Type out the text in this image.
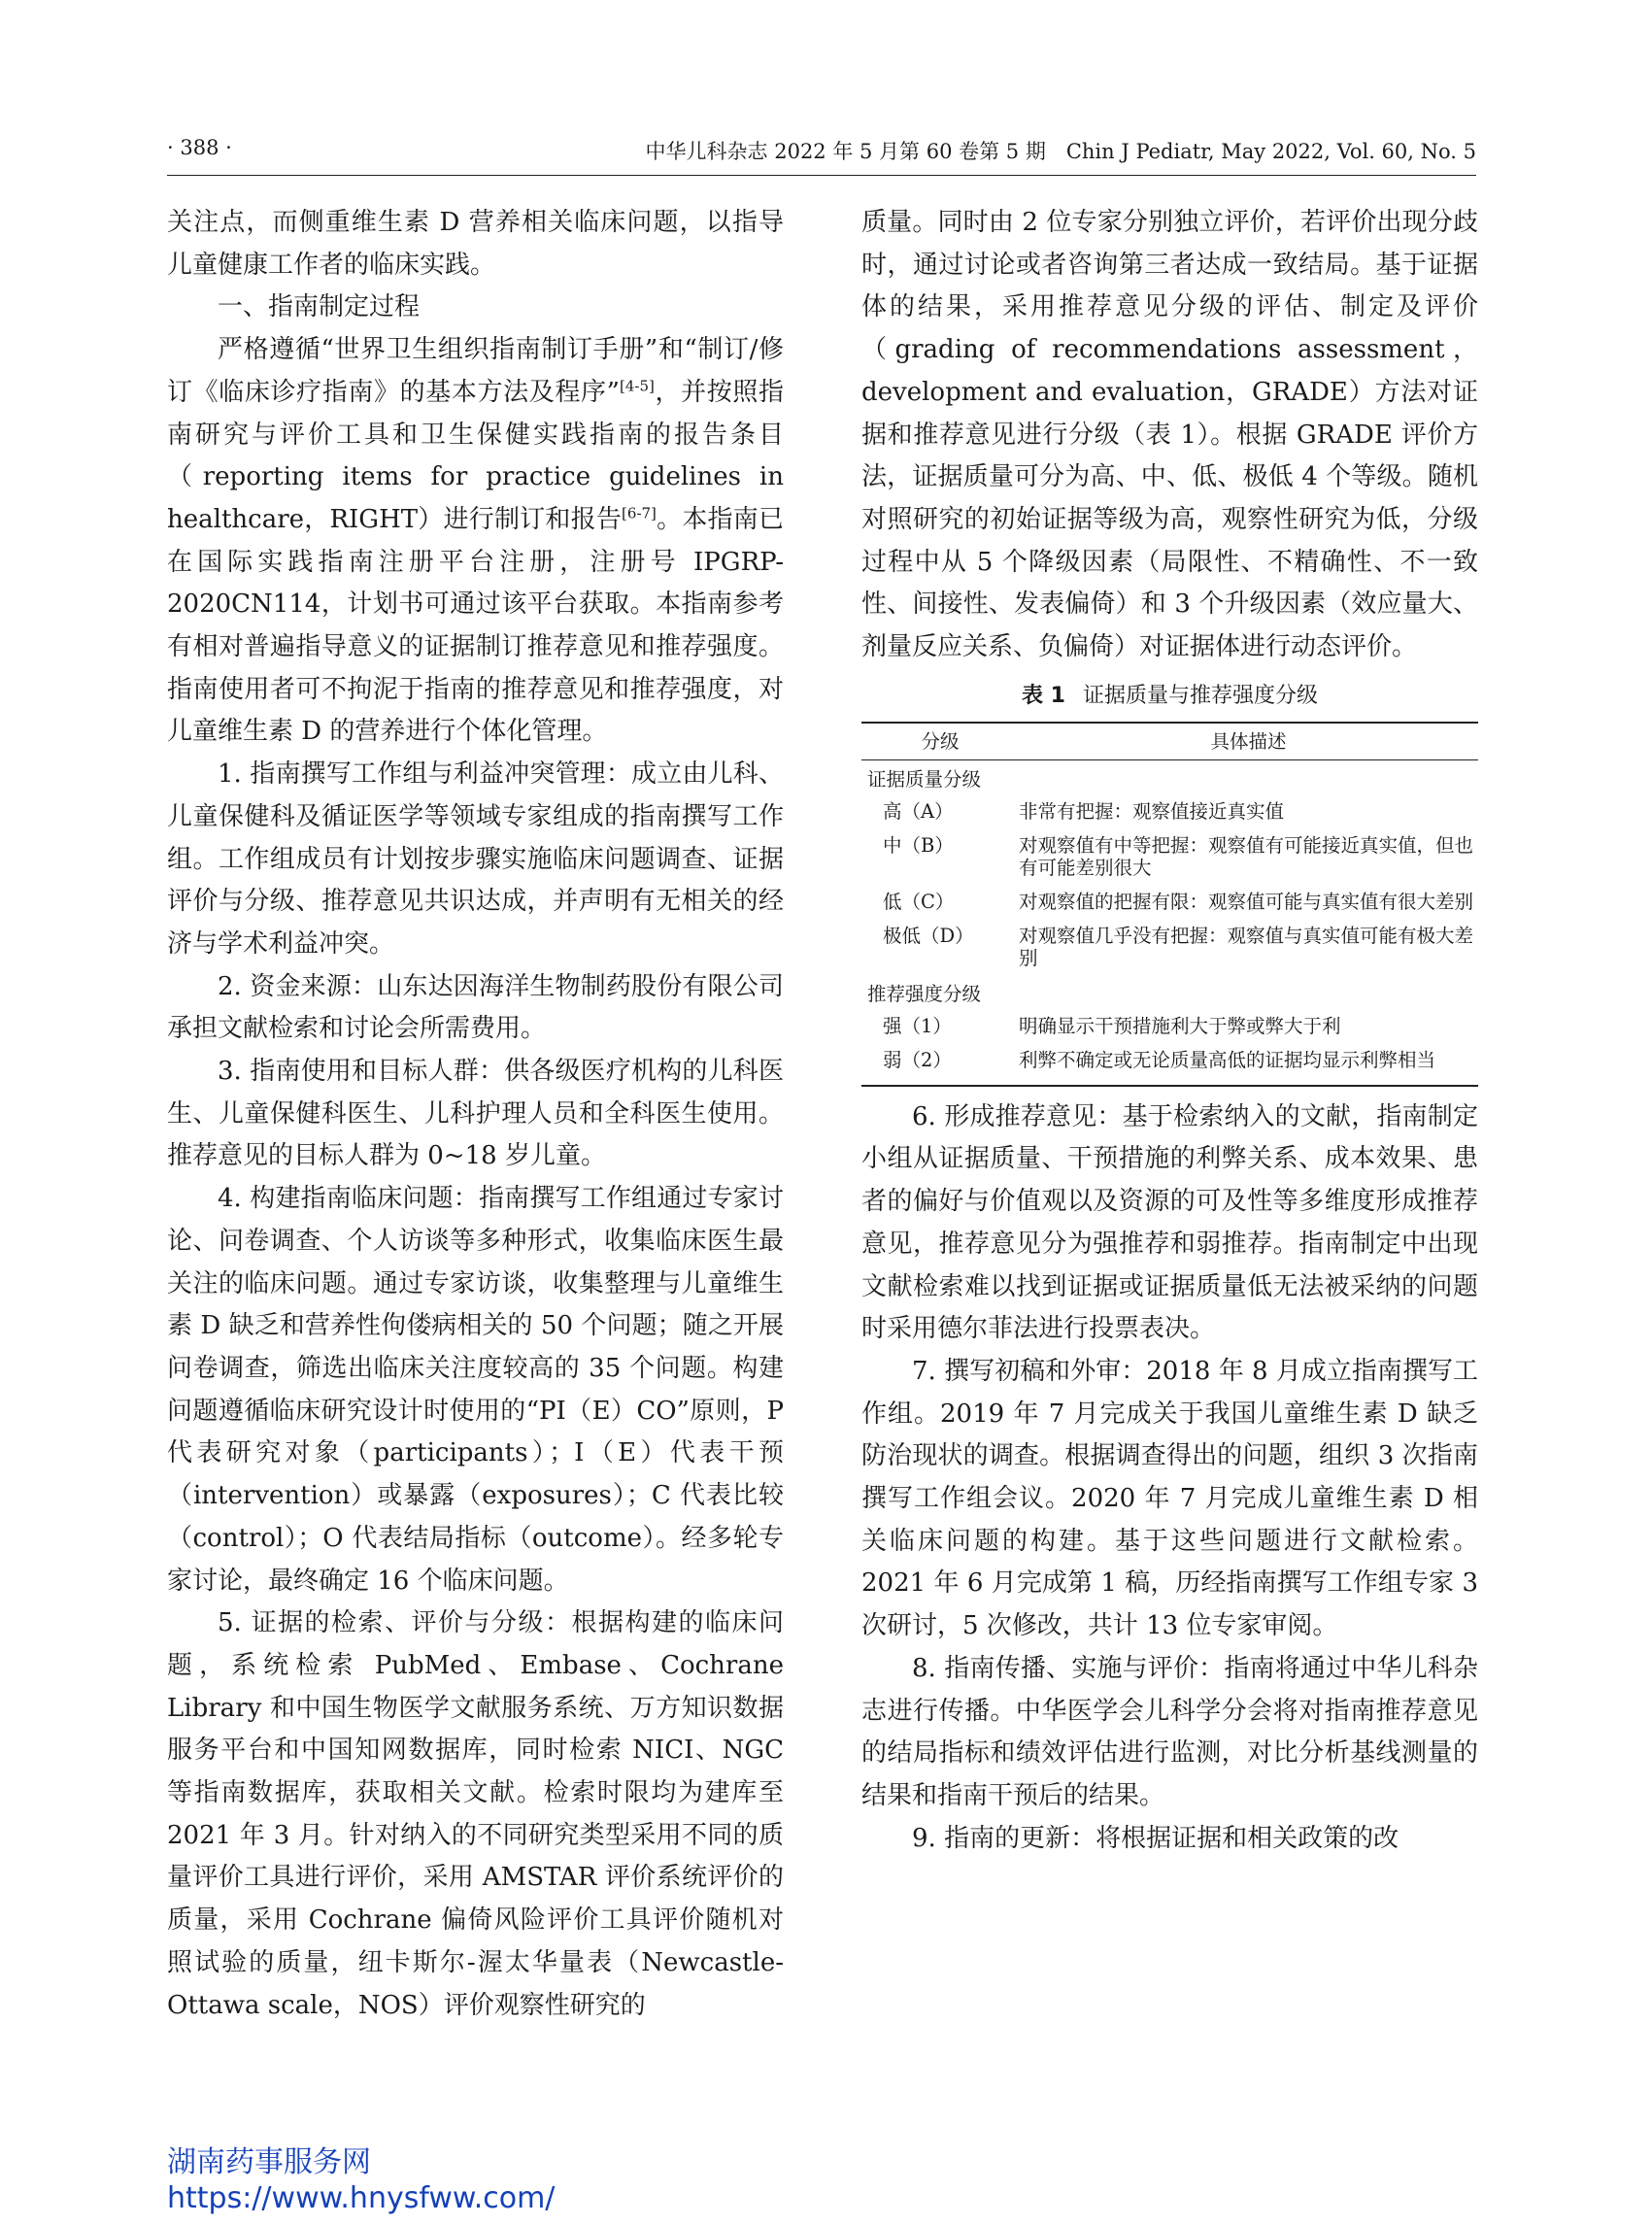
· 388 ·	中华儿科杂志 2022 年 5 月第 60 卷第 5 期　Chin J Pediatr, May 2022, Vol. 60, No. 5

关注点，而侧重维生素 D 营养相关临床问题，以指导儿童健康工作者的临床实践。

一、指南制定过程

严格遵循“世界卫生组织指南制订手册”和“制订/修订《临床诊疗指南》的基本方法及程序”[4-5]，并按照指南研究与评价工具和卫生保健实践指南的报告条目（reporting items for practice guidelines in healthcare，RIGHT）进行制订和报告[6-7]。本指南已在国际实践指南注册平台注册，注册号 IPGRP-2020CN114，计划书可通过该平台获取。本指南参考有相对普遍指导意义的证据制订推荐意见和推荐强度。指南使用者可不拘泥于指南的推荐意见和推荐强度，对儿童维生素 D 的营养进行个体化管理。

1. 指南撰写工作组与利益冲突管理：成立由儿科、儿童保健科及循证医学等领域专家组成的指南撰写工作组。工作组成员有计划按步骤实施临床问题调查、证据评价与分级、推荐意见共识达成，并声明有无相关的经济与学术利益冲突。

2. 资金来源：山东达因海洋生物制药股份有限公司承担文献检索和讨论会所需费用。

3. 指南使用和目标人群：供各级医疗机构的儿科医生、儿童保健科医生、儿科护理人员和全科医生使用。推荐意见的目标人群为 0~18 岁儿童。

4. 构建指南临床问题：指南撰写工作组通过专家讨论、问卷调查、个人访谈等多种形式，收集临床医生最关注的临床问题。通过专家访谈，收集整理与儿童维生素 D 缺乏和营养性佝偻病相关的 50 个问题；随之开展问卷调查，筛选出临床关注度较高的 35 个问题。构建问题遵循临床研究设计时使用的“PI（E）CO”原则，P 代表研究对象（participants）；I（E）代表干预（intervention）或暴露（exposures）；C 代表比较（control）；O 代表结局指标（outcome）。经多轮专家讨论，最终确定 16 个临床问题。

5. 证据的检索、评价与分级：根据构建的临床问题，系统检索 PubMed、Embase、Cochrane Library 和中国生物医学文献服务系统、万方知识数据服务平台和中国知网数据库，同时检索 NICI、NGC 等指南数据库，获取相关文献。检索时限均为建库至 2021 年 3 月。针对纳入的不同研究类型采用不同的质量评价工具进行评价，采用 AMSTAR 评价系统评价的质量，采用 Cochrane 偏倚风险评价工具评价随机对照试验的质量，纽卡斯尔-渥太华量表（Newcastle-Ottawa scale，NOS）评价观察性研究的

质量。同时由 2 位专家分别独立评价，若评价出现分歧时，通过讨论或者咨询第三者达成一致结局。基于证据体的结果，采用推荐意见分级的评估、制定及评价（grading of recommendations assessment，development and evaluation，GRADE）方法对证据和推荐意见进行分级（表 1）。根据 GRADE 评价方法，证据质量可分为高、中、低、极低 4 个等级。随机对照研究的初始证据等级为高，观察性研究为低，分级过程中从 5 个降级因素（局限性、不精确性、不一致性、间接性、发表偏倚）和 3 个升级因素（效应量大、剂量反应关系、负偏倚）对证据体进行动态评价。

表 1 证据质量与推荐强度分级

分级	具体描述
证据质量分级	
高（A）	非常有把握：观察值接近真实值
中（B）	对观察值有中等把握：观察值有可能接近真实值，但也有可能差别很大
低（C）	对观察值的把握有限：观察值可能与真实值有很大差别
极低（D）	对观察值几乎没有把握：观察值与真实值可能有极大差别
推荐强度分级	
强（1）	明确显示干预措施利大于弊或弊大于利
弱（2）	利弊不确定或无论质量高低的证据均显示利弊相当

6. 形成推荐意见：基于检索纳入的文献，指南制定小组从证据质量、干预措施的利弊关系、成本效果、患者的偏好与价值观以及资源的可及性等多维度形成推荐意见，推荐意见分为强推荐和弱推荐。指南制定中出现文献检索难以找到证据或证据质量低无法被采纳的问题时采用德尔菲法进行投票表决。

7. 撰写初稿和外审：2018 年 8 月成立指南撰写工作组。2019 年 7 月完成关于我国儿童维生素 D 缺乏防治现状的调查。根据调查得出的问题，组织 3 次指南撰写工作组会议。2020 年 7 月完成儿童维生素 D 相关临床问题的构建。基于这些问题进行文献检索。2021 年 6 月完成第 1 稿，历经指南撰写工作组专家 3 次研讨，5 次修改，共计 13 位专家审阅。

8. 指南传播、实施与评价：指南将通过中华儿科杂志进行传播。中华医学会儿科学分会将对指南推荐意见的结局指标和绩效评估进行监测，对比分析基线测量的结果和指南干预后的结果。

9. 指南的更新：将根据证据和相关政策的改

湖南药事服务网
https://www.hnysfww.com/
